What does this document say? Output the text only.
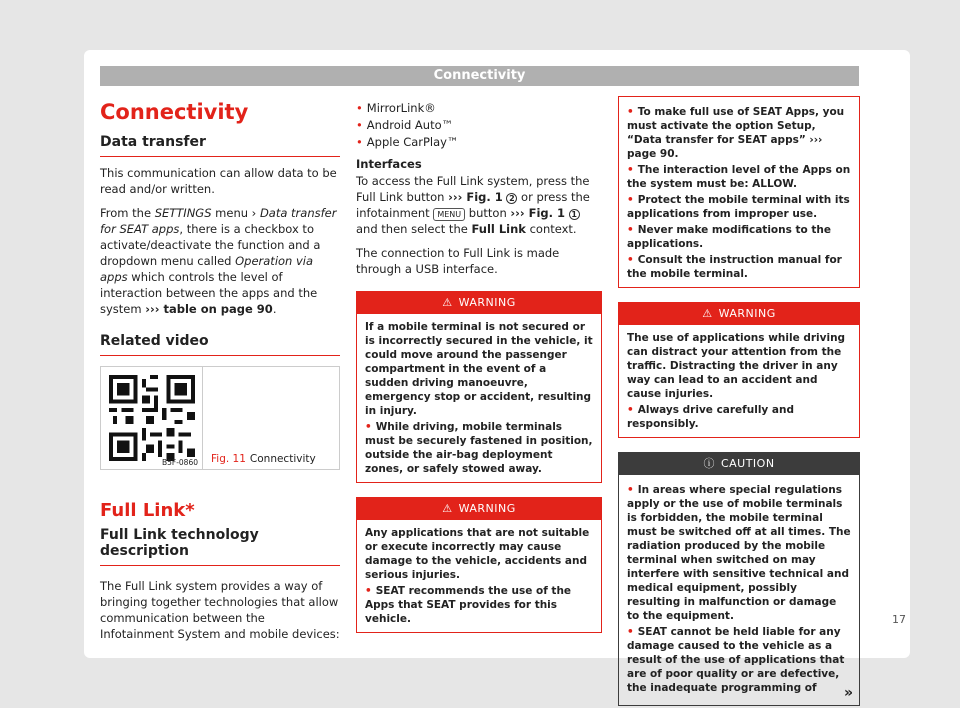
Connectivity
Connectivity
Data transfer

This communication can allow data to be read and/or written.

From the SETTINGS menu › Data transfer for SEAT apps, there is a checkbox to activate/deactivate the function and a dropdown menu called Operation via apps which controls the level of interaction between the apps and the system ››› table on page 90.

Related video
B5F-0860	Fig. 11 Connectivity
Full Link*
Full Link technology description

The Full Link system provides a way of bringing together technologies that allow communication between the Infotainment System and mobile devices:

• MirrorLink®
• Android Auto™
• Apple CarPlay™
Interfaces

To access the Full Link system, press the Full Link button ››› Fig. 1 2 or press the infotainment MENU button ››› Fig. 1 1 and then select the Full Link context.

The connection to Full Link is made through a USB interface.

⚠ WARNING

If a mobile terminal is not secured or is incorrectly secured in the vehicle, it could move around the passenger compartment in the event of a sudden driving manoeuvre, emergency stop or accident, resulting in injury.

• While driving, mobile terminals must be securely fastened in position, outside the air-bag deployment zones, or safely stowed away.
⚠ WARNING

Any applications that are not suitable or execute incorrectly may cause damage to the vehicle, accidents and serious injuries.

• SEAT recommends the use of the Apps that SEAT provides for this vehicle.
• To make full use of SEAT Apps, you must activate the option Setup, “Data transfer for SEAT apps” ››› page 90.
• The interaction level of the Apps on the system must be: ALLOW.
• Protect the mobile terminal with its applications from improper use.
• Never make modifications to the applications.
• Consult the instruction manual for the mobile terminal.
⚠ WARNING

The use of applications while driving can distract your attention from the traffic. Distracting the driver in any way can lead to an accident and cause injuries.

• Always drive carefully and responsibly.
ⓘ CAUTION
• In areas where special regulations apply or the use of mobile terminals is forbidden, the mobile terminal must be switched off at all times. The radiation produced by the mobile terminal when switched on may interfere with sensitive technical and medical equipment, possibly resulting in malfunction or damage to the equipment.
• SEAT cannot be held liable for any damage caused to the vehicle as a result of the use of applications that are of poor quality or are defective, the inadequate programming of	»
17
